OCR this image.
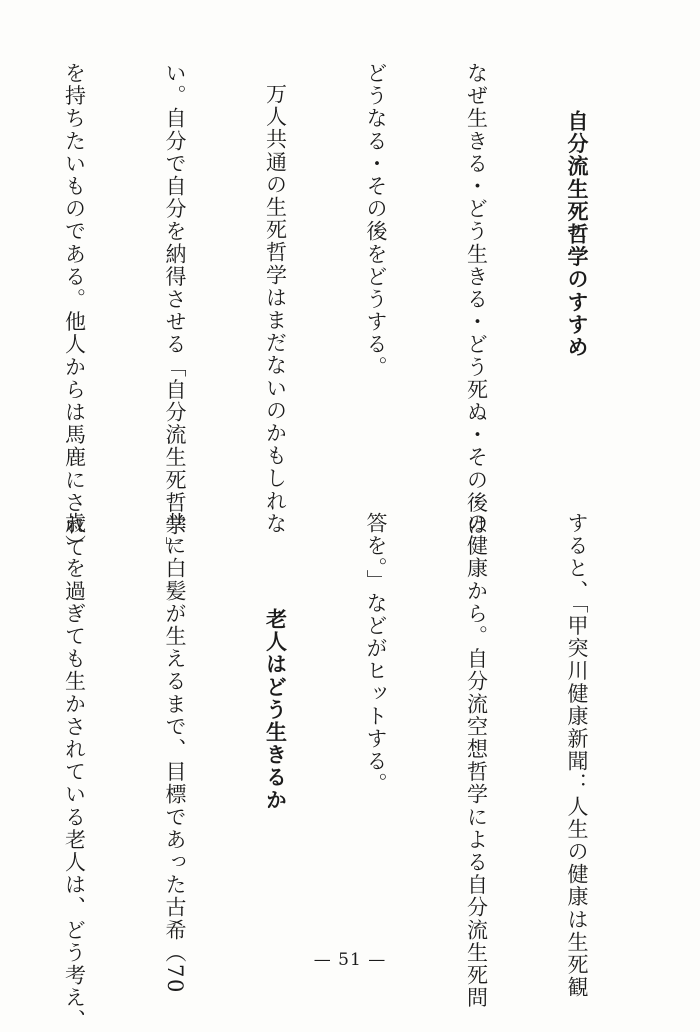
自分流生死哲学のすすめ

なぜ生きる・どう生きる・どう死ぬ・その後は

どうなる・その後をどうする。

万人共通の生死哲学はまだないのかもしれな

い。自分で自分を納得させる「自分流生死哲学」

を持ちたいものである。他人からは馬鹿にされて

すると、「甲突川健康新聞：人生の健康は生死観

の健康から。自分流空想哲学による自分流生死問

答を。」などがヒットする。

老人はどう生きるか

共に白髪が生えるまで、目標であった古希（70

歳）を過ぎても生かされている老人は、どう考え、

	— 51 —
